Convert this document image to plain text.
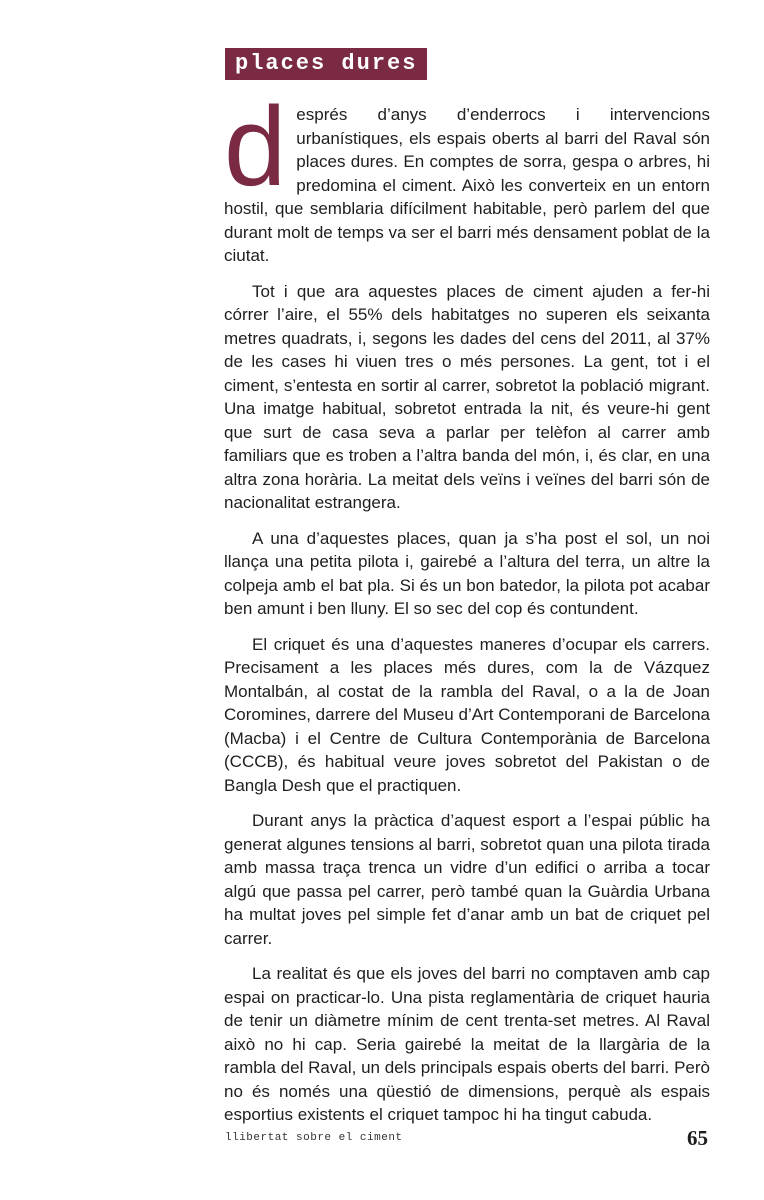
places dures

després d’anys d’enderrocs i intervencions urbanístiques, els espais oberts al barri del Raval són places dures. En comptes de sorra, gespa o arbres, hi predomina el ciment. Això les converteix en un entorn hostil, que semblaria difícilment habitable, però parlem del que durant molt de temps va ser el barri més densament poblat de la ciutat.

Tot i que ara aquestes places de ciment ajuden a fer-hi córrer l’aire, el 55% dels habitatges no superen els seixanta metres quadrats, i, segons les dades del cens del 2011, al 37% de les cases hi viuen tres o més persones. La gent, tot i el ciment, s’entesta en sortir al carrer, sobretot la població migrant. Una imatge habitual, sobretot entrada la nit, és veure-hi gent que surt de casa seva a parlar per telèfon al carrer amb familiars que es troben a l’altra banda del món, i, és clar, en una altra zona horària. La meitat dels veïns i veïnes del barri són de nacionalitat estrangera.

A una d’aquestes places, quan ja s’ha post el sol, un noi llança una petita pilota i, gairebé a l’altura del terra, un altre la colpeja amb el bat pla. Si és un bon batedor, la pilota pot acabar ben amunt i ben lluny. El so sec del cop és contundent.

El criquet és una d’aquestes maneres d’ocupar els carrers. Precisament a les places més dures, com la de Vázquez Montalbán, al costat de la rambla del Raval, o a la de Joan Coromines, darrere del Museu d’Art Contemporani de Barcelona (Macba) i el Centre de Cultura Contemporània de Barcelona (CCCB), és habitual veure joves sobretot del Pakistan o de Bangla Desh que el practiquen.

Durant anys la pràctica d’aquest esport a l’espai públic ha generat algunes tensions al barri, sobretot quan una pilota tirada amb massa traça trenca un vidre d’un edifici o arriba a tocar algú que passa pel carrer, però també quan la Guàrdia Urbana ha multat joves pel simple fet d’anar amb un bat de criquet pel carrer.

La realitat és que els joves del barri no comptaven amb cap espai on practicar-lo. Una pista reglamentària de criquet hauria de tenir un diàmetre mínim de cent trenta-set metres. Al Raval això no hi cap. Seria gairebé la meitat de la llargària de la rambla del Raval, un dels principals espais oberts del barri. Però no és només una qüestió de dimensions, perquè als espais esportius existents el criquet tampoc hi ha tingut cabuda.

llibertat sobre el ciment	65
